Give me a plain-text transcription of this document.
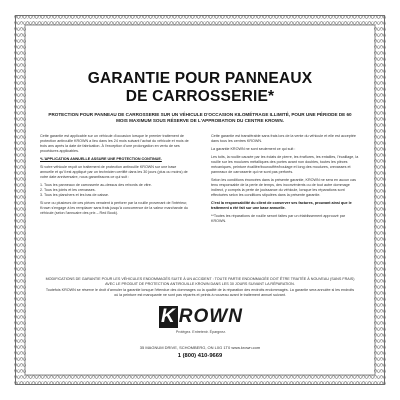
GARANTIE POUR PANNEAUX
DE CARROSSERIE*
PROTECTION POUR PANNEAU DE CARROSSERIE SUR UN VÉHICULE D'OCCASION KILOMÉTRAGE ILLIMITÉ, POUR UNE PÉRIODE DE 60 MOIS MAXIMUM SOUS RÉSERVE DE L'APPROBATION DU CENTRE KROWN.

Cette garantie est applicable sur un véhicule d'occasion lorsque le premier traitement de protection antirouille KROWN a lieu dans les 24 mois suivant l'achat du véhicule et mois de trois ans après la date de fabrication. À l'exception d'une prolongation en vertu de ses procédures applicables.

*L'APPLICATION ANNUELLE ASSURE UNE PROTECTION CONTINUE.

Si votre véhicule reçoit un traitement de protection antirouille KROWN sur une base annuelle et qu'il est appliqué par un technicien certifié dans les 30 jours (plus ou moins) de votre date anniversaire, nous garantissons ce qui suit :

1. Tous les panneaux de carrosserie au-dessus des rebords de vitre.

2. Tous les joints et les crevasses.

3. Tous les planchers et les bas de caisse.

Si une ou plusieurs de ces pièces venaient à perforer par la rouille provenant de l'intérieur, Krown s'engage à les remplacer sans frais jusqu'à concurrence de la valeur marchande du véhicule (selon l'annuaire des prix – Red Book).

Cette garantie est transférable sans frais lors de la vente du véhicule et elle est acceptée dans tous les centres KROWN.

La garantie KROWN ne sont seulement ce qui suit :

Les toits, la rouille causée par les éclats de pierre, les éraflures, les entailles, l'écaillage, la rouille sur les moulures métalliques des portes avant non doubles, toutes les pièces mécaniques, peinture écaillée/bourouffée/boulage et long des moulures, crevasses et panneaux de carrosserie qui ne sont pas perforés.

Selon les conditions énoncées dans la présente garantie, KROWN ne sera en aucun cas tenu responsable de la perte de temps, des inconvénients ou de tout autre dommage indirect, y compris la perte de jouissance du véhicule, lorsque les réparations sont effectuées selon les conditions stipulées dans la présente garantie.

C'est la responsabilité du client de conserver ses factures, prouvant ainsi que le traitement a été fait sur une base annuelle.

**Toutes les réparations de rouille seront faites par un établissement approuvé par KROWN.

MODIFICATIONS DE GARANTIE POUR LES VÉHICULES ENDOMMAGÉS SUITE À UN ACCIDENT : TOUTE PARTIE ENDOMMAGÉE DOIT ÊTRE TRAITÉE À NOUVEAU (SANS FRAIS) AVEC LE PRODUIT DE PROTECTION ANTIROUILLE KROWN DANS LES 30 JOURS SUIVANT LA RÉPARATION.

Toutefois KROWN se réserve le droit d'annuler la garantie lorsque l'étendue des dommages ou la qualité de la réparation des endroits endommagés. La garantie sera annulée si les endroits où la peinture est manquante ne sont pas réparés et peints à nouveau avant le traitement annuel suivant.

K ROWN
Protégez. Entretenir. Épargnez.
35 MAGNUM DRIVE, SCHOMBERG, ON L0G 1T0 www.krown.com
1 (800) 410-9669
